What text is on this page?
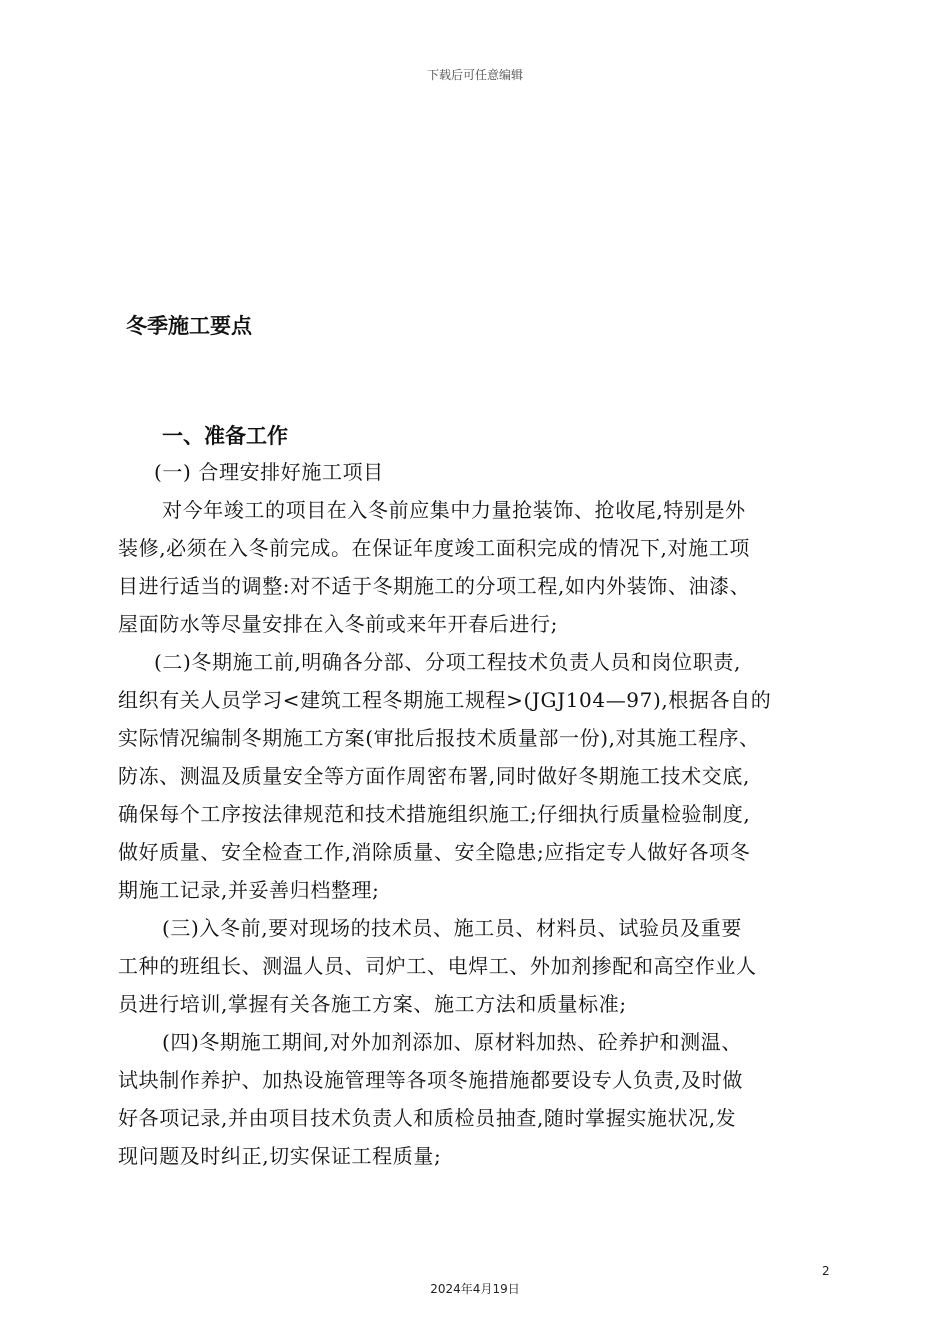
下载后可任意编辑
冬季施工要点
一、准备工作
(一) 合理安排好施工项目
对今年竣工的项目在入冬前应集中力量抢装饰、抢收尾,特别是外
装修,必须在入冬前完成。在保证年度竣工面积完成的情况下,对施工项
目进行适当的调整:对不适于冬期施工的分项工程,如内外装饰、油漆、
屋面防水等尽量安排在入冬前或来年开春后进行;
(二)冬期施工前,明确各分部、分项工程技术负责人员和岗位职责,
组织有关人员学习<建筑工程冬期施工规程>(JGJ104—97),根据各自的
实际情况编制冬期施工方案(审批后报技术质量部一份),对其施工程序、
防冻、测温及质量安全等方面作周密布署,同时做好冬期施工技术交底,
确保每个工序按法律规范和技术措施组织施工;仔细执行质量检验制度,
做好质量、安全检查工作,消除质量、安全隐患;应指定专人做好各项冬
期施工记录,并妥善归档整理;
(三)入冬前,要对现场的技术员、施工员、材料员、试验员及重要
工种的班组长、测温人员、司炉工、电焊工、外加剂掺配和高空作业人
员进行培训,掌握有关各施工方案、施工方法和质量标准;
(四)冬期施工期间,对外加剂添加、原材料加热、砼养护和测温、
试块制作养护、加热设施管理等各项冬施措施都要设专人负责,及时做
好各项记录,并由项目技术负责人和质检员抽查,随时掌握实施状况,发
现问题及时纠正,切实保证工程质量;
2
2024年4月19日
